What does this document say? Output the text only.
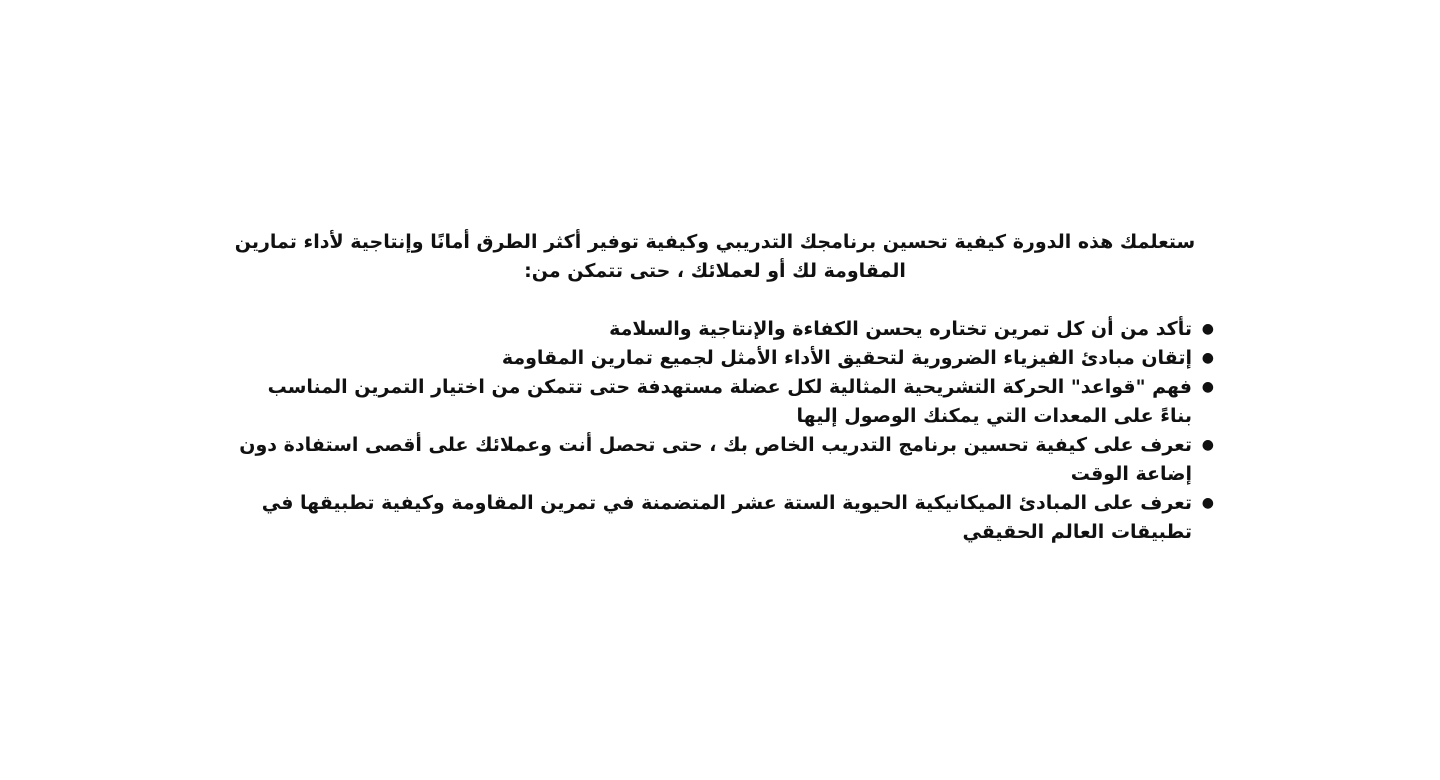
ستعلمك هذه الدورة كيفية تحسين برنامجك التدريبي وكيفية توفير أكثر الطرق أمانًا وإنتاجية لأداء تمارين المقاومة لك أو لعملائك ، حتى تتمكن من:

●
تأكد من أن كل تمرين تختاره يحسن الكفاءة والإنتاجية والسلامة
●
إتقان مبادئ الفيزياء الضرورية لتحقيق الأداء الأمثل لجميع تمارين المقاومة
●
فهم "قواعد" الحركة التشريحية المثالية لكل عضلة مستهدفة حتى تتمكن من اختيار التمرين المناسب بناءً على المعدات التي يمكنك الوصول إليها
●
تعرف على كيفية تحسين برنامج التدريب الخاص بك ، حتى تحصل أنت وعملائك على أقصى استفادة دون إضاعة الوقت
●
تعرف على المبادئ الميكانيكية الحيوية الستة عشر المتضمنة في تمرين المقاومة وكيفية تطبيقها في تطبيقات العالم الحقيقي
